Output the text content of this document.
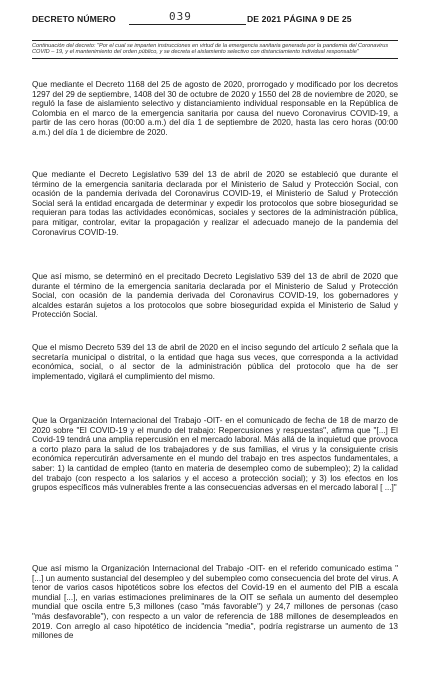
DECRETO NÚMERO	039	DE 2021 PÁGINA 9 DE 25
Continuación del decreto: "Por el cual se imparten instrucciones en virtud de la emergencia sanitaria generada por la pandemia del Coronavirus COVID – 19, y el mantenimiento del orden público, y se decreta el aislamiento selectivo con distanciamiento individual responsable"

Que mediante el Decreto 1168 del 25 de agosto de 2020, prorrogado y modificado por los decretos 1297 del 29 de septiembre, 1408 del 30 de octubre de 2020 y 1550 del 28 de noviembre de 2020, se reguló la fase de aislamiento selectivo y distanciamiento individual responsable en la República de Colombia en el marco de la emergencia sanitaria por causa del nuevo Coronavirus COVID-19, a partir de las cero horas (00:00 a.m.) del día 1 de septiembre de 2020, hasta las cero horas (00:00 a.m.) del día 1 de diciembre de 2020.

Que mediante el Decreto Legislativo 539 del 13 de abril de 2020 se estableció que durante el término de la emergencia sanitaria declarada por el Ministerio de Salud y Protección Social, con ocasión de la pandemia derivada del Coronavirus COVID-19, el Ministerio de Salud y Protección Social será la entidad encargada de determinar y expedir los protocolos que sobre bioseguridad se requieran para todas las actividades económicas, sociales y sectores de la administración pública, para mitigar, controlar, evitar la propagación y realizar el adecuado manejo de la pandemia del Coronavirus COVID-19.

Que así mismo, se determinó en el precitado Decreto Legislativo 539 del 13 de abril de 2020 que durante el término de la emergencia sanitaria declarada por el Ministerio de Salud y Protección Social, con ocasión de la pandemia derivada del Coronavirus COVID-19, los gobernadores y alcaldes estarán sujetos a los protocolos que sobre bioseguridad expida el Ministerio de Salud y Protección Social.

Que el mismo Decreto 539 del 13 de abril de 2020 en el inciso segundo del artículo 2 señala que la secretaría municipal o distrital, o la entidad que haga sus veces, que corresponda a la actividad económica, social, o al sector de la administración pública del protocolo que ha de ser implementado, vigilará el cumplimiento del mismo.

Que la Organización Internacional del Trabajo -OIT- en el comunicado de fecha de 18 de marzo de 2020 sobre "El COVID-19 y el mundo del trabajo: Repercusiones y respuestas", afirma que "[...] El Covid-19 tendrá una amplia repercusión en el mercado laboral. Más allá de la inquietud que provoca a corto plazo para la salud de los trabajadores y de sus familias, el virus y la consiguiente crisis económica repercutirán adversamente en el mundo del trabajo en tres aspectos fundamentales, a saber: 1) la cantidad de empleo (tanto en materia de desempleo como de subempleo); 2) la calidad del trabajo (con respecto a los salarios y el acceso a protección social); y 3) los efectos en los grupos específicos más vulnerables frente a las consecuencias adversas en el mercado laboral [ ...]"

Que así mismo la Organización Internacional del Trabajo -OIT- en el referido comunicado estima "[...] un aumento sustancial del desempleo y del subempleo como consecuencia del brote del virus. A tenor de varios casos hipotéticos sobre los efectos del Covid-19 en el aumento del PIB a escala mundial [...], en varias estimaciones preliminares de la OIT se señala un aumento del desempleo mundial que oscila entre 5,3 millones (caso "más favorable") y 24,7 millones de personas (caso "más desfavorable"), con respecto a un valor de referencia de 188 millones de desempleados en 2019. Con arreglo al caso hipotético de incidencia "media", podría registrarse un aumento de 13 millones de
